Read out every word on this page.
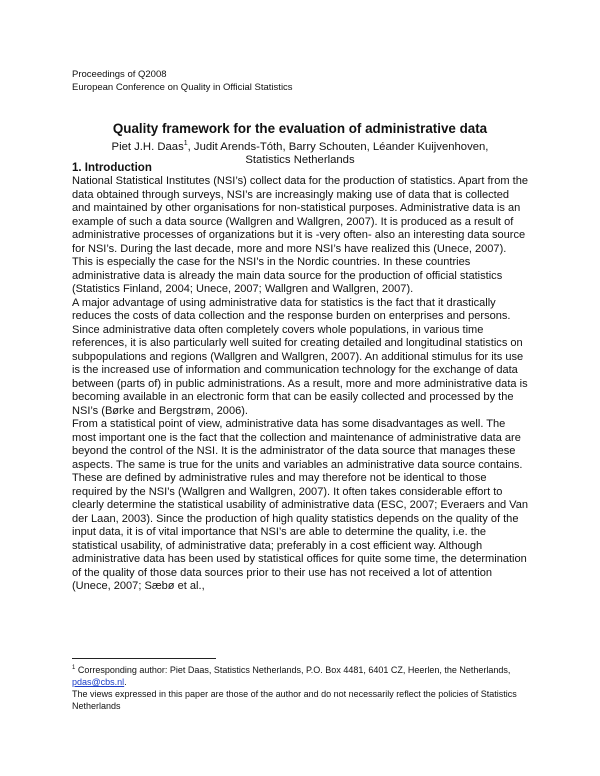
Proceedings of Q2008
European Conference on Quality in Official Statistics

Quality framework for the evaluation of administrative data

Piet J.H. Daas$^1$, Judit Arends-Tóth, Barry Schouten, Léander Kuijvenhoven,

Statistics Netherlands

1. Introduction

National Statistical Institutes (NSI’s) collect data for the production of statistics. Apart from the data obtained through surveys, NSI’s are increasingly making use of data that is collected and maintained by other organisations for non-statistical purposes. Administrative data is an example of such a data source (Wallgren and Wallgren, 2007). It is produced as a result of administrative processes of organizations but it is -very often- also an interesting data source for NSI’s. During the last decade, more and more NSI’s have realized this (Unece, 2007). This is especially the case for the NSI’s in the Nordic countries. In these countries administrative data is already the main data source for the production of official statistics (Statistics Finland, 2004; Unece, 2007; Wallgren and Wallgren, 2007).

A major advantage of using administrative data for statistics is the fact that it drastically reduces the costs of data collection and the response burden on enterprises and persons. Since administrative data often completely covers whole populations, in various time references, it is also particularly well suited for creating detailed and longitudinal statistics on subpopulations and regions (Wallgren and Wallgren, 2007). An additional stimulus for its use is the increased use of information and communication technology for the exchange of data between (parts of) in public administrations. As a result, more and more administrative data is becoming available in an electronic form that can be easily collected and processed by the NSI’s (Børke and Bergstrøm, 2006).

From a statistical point of view, administrative data has some disadvantages as well. The most important one is the fact that the collection and maintenance of administrative data are beyond the control of the NSI. It is the administrator of the data source that manages these aspects. The same is true for the units and variables an administrative data source contains. These are defined by administrative rules and may therefore not be identical to those required by the NSI’s (Wallgren and Wallgren, 2007). It often takes considerable effort to clearly determine the statistical usability of administrative data (ESC, 2007; Everaers and Van der Laan, 2003). Since the production of high quality statistics depends on the quality of the input data, it is of vital importance that NSI’s are able to determine the quality, i.e. the statistical usability, of administrative data; preferably in a cost efficient way. Although administrative data has been used by statistical offices for quite some time, the determination of the quality of those data sources prior to their use has not received a lot of attention (Unece, 2007; Sæbø et al.,

$^1$ Corresponding author: Piet Daas, Statistics Netherlands, P.O. Box 4481, 6401 CZ, Heerlen, the Netherlands, pdas@cbs.nl.
The views expressed in this paper are those of the author and do not necessarily reflect the policies of Statistics Netherlands
